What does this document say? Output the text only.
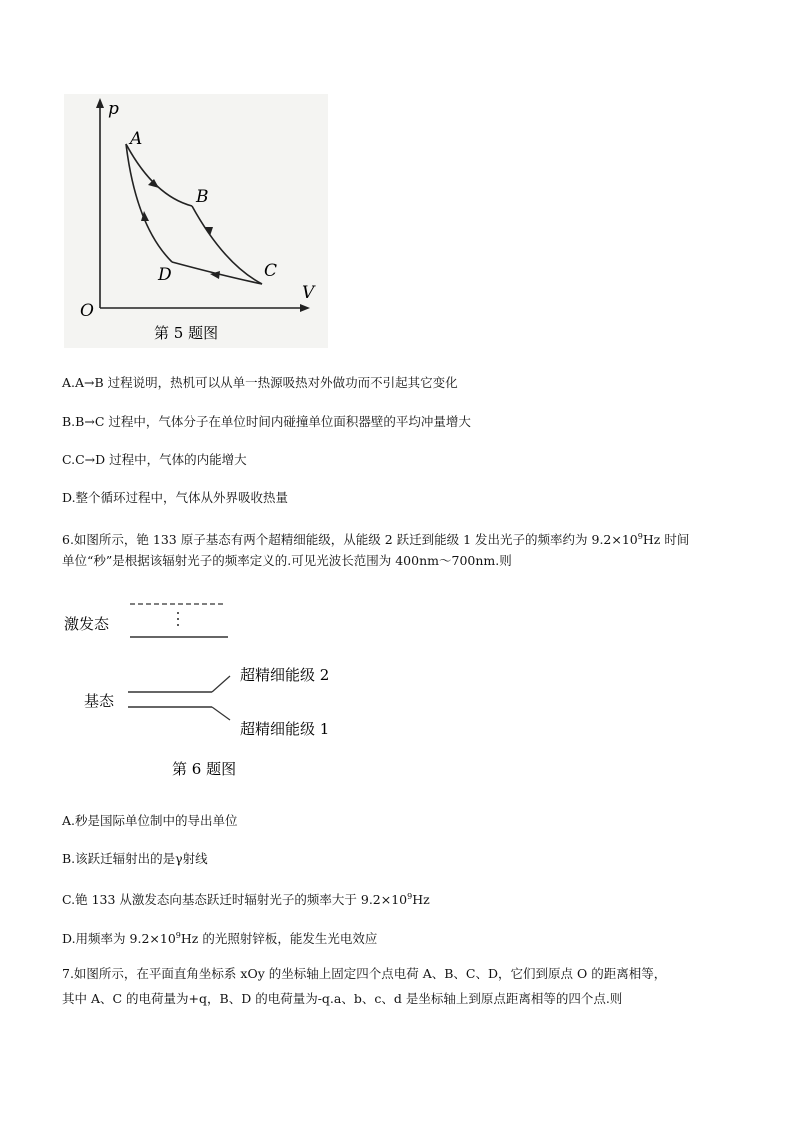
p
V
O
A
B
C
D
第 5 题图
A.A→B 过程说明，热机可以从单一热源吸热对外做功而不引起其它变化
B.B→C 过程中，气体分子在单位时间内碰撞单位面积器壁的平均冲量增大
C.C→D 过程中，气体的内能增大
D.整个循环过程中，气体从外界吸收热量
6.如图所示，铯 133 原子基态有两个超精细能级，从能级 2 跃迁到能级 1 发出光子的频率约为 $9.2\times 10^9Hz$ 时间
单位“秒”是根据该辐射光子的频率定义的.可见光波长范围为 400nm～700nm.则
激发态
基态
超精细能级 2
超精细能级 1
第 6 题图
A.秒是国际单位制中的导出单位
B.该跃迁辐射出的是γ射线
C.铯 133 从激发态向基态跃迁时辐射光子的频率大于 $9.2\times 10^9Hz$
D.用频率为 $9.2\times 10^9Hz$ 的光照射锌板，能发生光电效应
7.如图所示，在平面直角坐标系 xOy 的坐标轴上固定四个点电荷 A、B、C、D，它们到原点 O 的距离相等，
其中 A、C 的电荷量为+q，B、D 的电荷量为-q.a、b、c、d 是坐标轴上到原点距离相等的四个点.则
